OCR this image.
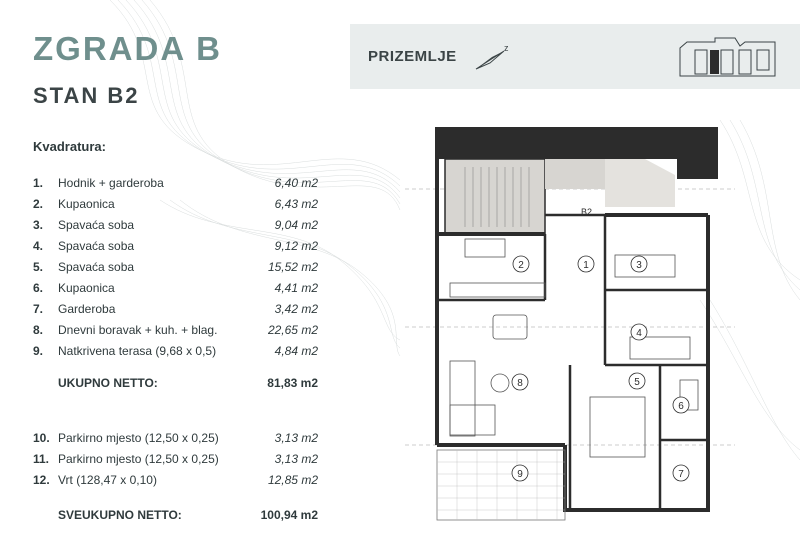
ZGRADA B
STAN B2
PRIZEMLJE	z
Kvadratura:
1. Hodnik + garderoba	6,40 m2
2. Kupaonica	6,43 m2
3. Spavaća soba	9,04 m2
4. Spavaća soba	9,12 m2
5. Spavaća soba	15,52 m2
6. Kupaonica	4,41 m2
7. Garderoba	3,42 m2
8. Dnevni boravak + kuh. + blag.	22,65 m2
9. Natkrivena terasa (9,68 x 0,5)	4,84 m2
UKUPNO NETTO:	81,83 m2
10. Parkirno mjesto (12,50 x 0,25)	3,13 m2
11. Parkirno mjesto (12,50 x 0,25)	3,13 m2
12. Vrt (128,47 x 0,10)	12,85 m2
SVEUKUPNO NETTO:	100,94 m2
B2
1
2	3
4
5
6
7
8
9
